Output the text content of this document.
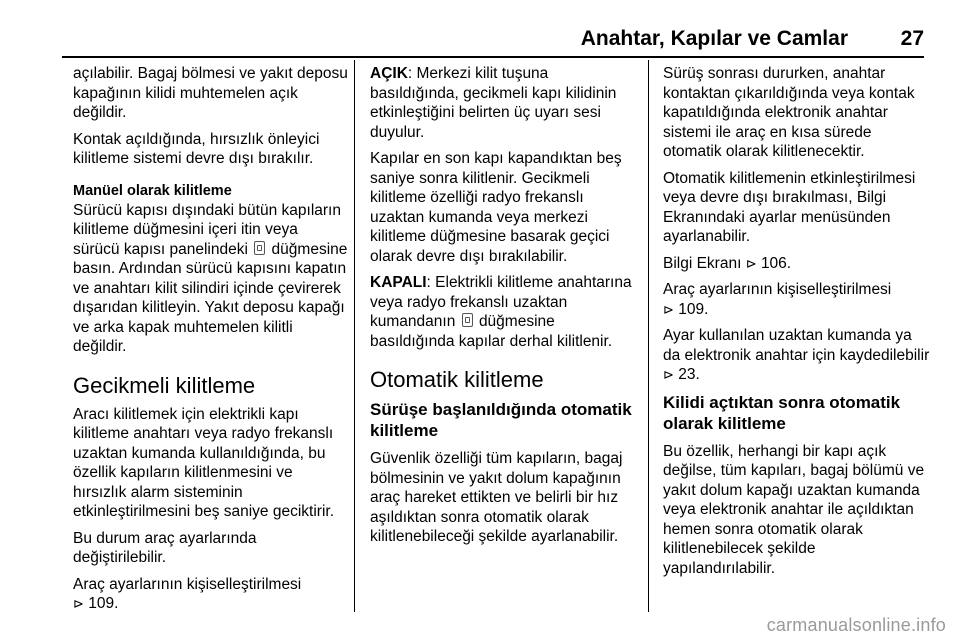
Anahtar, Kapılar ve Camlar	27

açılabilir. Bagaj bölmesi ve yakıt deposu kapağının kilidi muhtemelen açık değildir.

Kontak açıldığında, hırsızlık önleyici kilitleme sistemi devre dışı bırakılır.

Manüel olarak kilitleme

Sürücü kapısı dışındaki bütün kapıların kilitleme düğmesini içeri itin veya sürücü kapısı panelindeki düğmesine basın. Ardından sürücü kapısını kapatın ve anahtarı kilit silindiri içinde çevirerek dışarıdan kilitleyin. Yakıt deposu kapağı ve arka kapak muhtemelen kilitli değildir.

Gecikmeli kilitleme

Aracı kilitlemek için elektrikli kapı kilitleme anahtarı veya radyo frekanslı uzaktan kumanda kullanıldığında, bu özellik kapıların kilitlenmesini ve hırsızlık alarm sisteminin etkinleştirilmesini beş saniye geciktirir.

Bu durum araç ayarlarında değiştirilebilir.

Araç ayarlarının kişiselleştirilmesi
⊳ 109.

AÇIK: Merkezi kilit tuşuna basıldığında, gecikmeli kapı kilidinin etkinleştiğini belirten üç uyarı sesi duyulur.

Kapılar en son kapı kapandıktan beş saniye sonra kilitlenir. Gecikmeli kilitleme özelliği radyo frekanslı uzaktan kumanda veya merkezi kilitleme düğmesine basarak geçici olarak devre dışı bırakılabilir.

KAPALI: Elektrikli kilitleme anahtarına veya radyo frekanslı uzaktan kumandanın düğmesine basıldığında kapılar derhal kilitlenir.

Otomatik kilitleme
Sürüşe başlanıldığında otomatik kilitleme

Güvenlik özelliği tüm kapıların, bagaj bölmesinin ve yakıt dolum kapağının araç hareket ettikten ve belirli bir hız aşıldıktan sonra otomatik olarak kilitlenebileceği şekilde ayarlanabilir.

Sürüş sonrası dururken, anahtar kontaktan çıkarıldığında veya kontak kapatıldığında elektronik anahtar sistemi ile araç en kısa sürede otomatik olarak kilitlenecektir.

Otomatik kilitlemenin etkinleştirilmesi veya devre dışı bırakılması, Bilgi Ekranındaki ayarlar menüsünden ayarlanabilir.

Bilgi Ekranı ⊳ 106.

Araç ayarlarının kişiselleştirilmesi
⊳ 109.

Ayar kullanılan uzaktan kumanda ya da elektronik anahtar için kaydedilebilir ⊳ 23.

Kilidi açtıktan sonra otomatik olarak kilitleme

Bu özellik, herhangi bir kapı açık değilse, tüm kapıları, bagaj bölümü ve yakıt dolum kapağı uzaktan kumanda veya elektronik anahtar ile açıldıktan hemen sonra otomatik olarak kilitlenebilecek şekilde yapılandırılabilir.

carmanualsonline.info
